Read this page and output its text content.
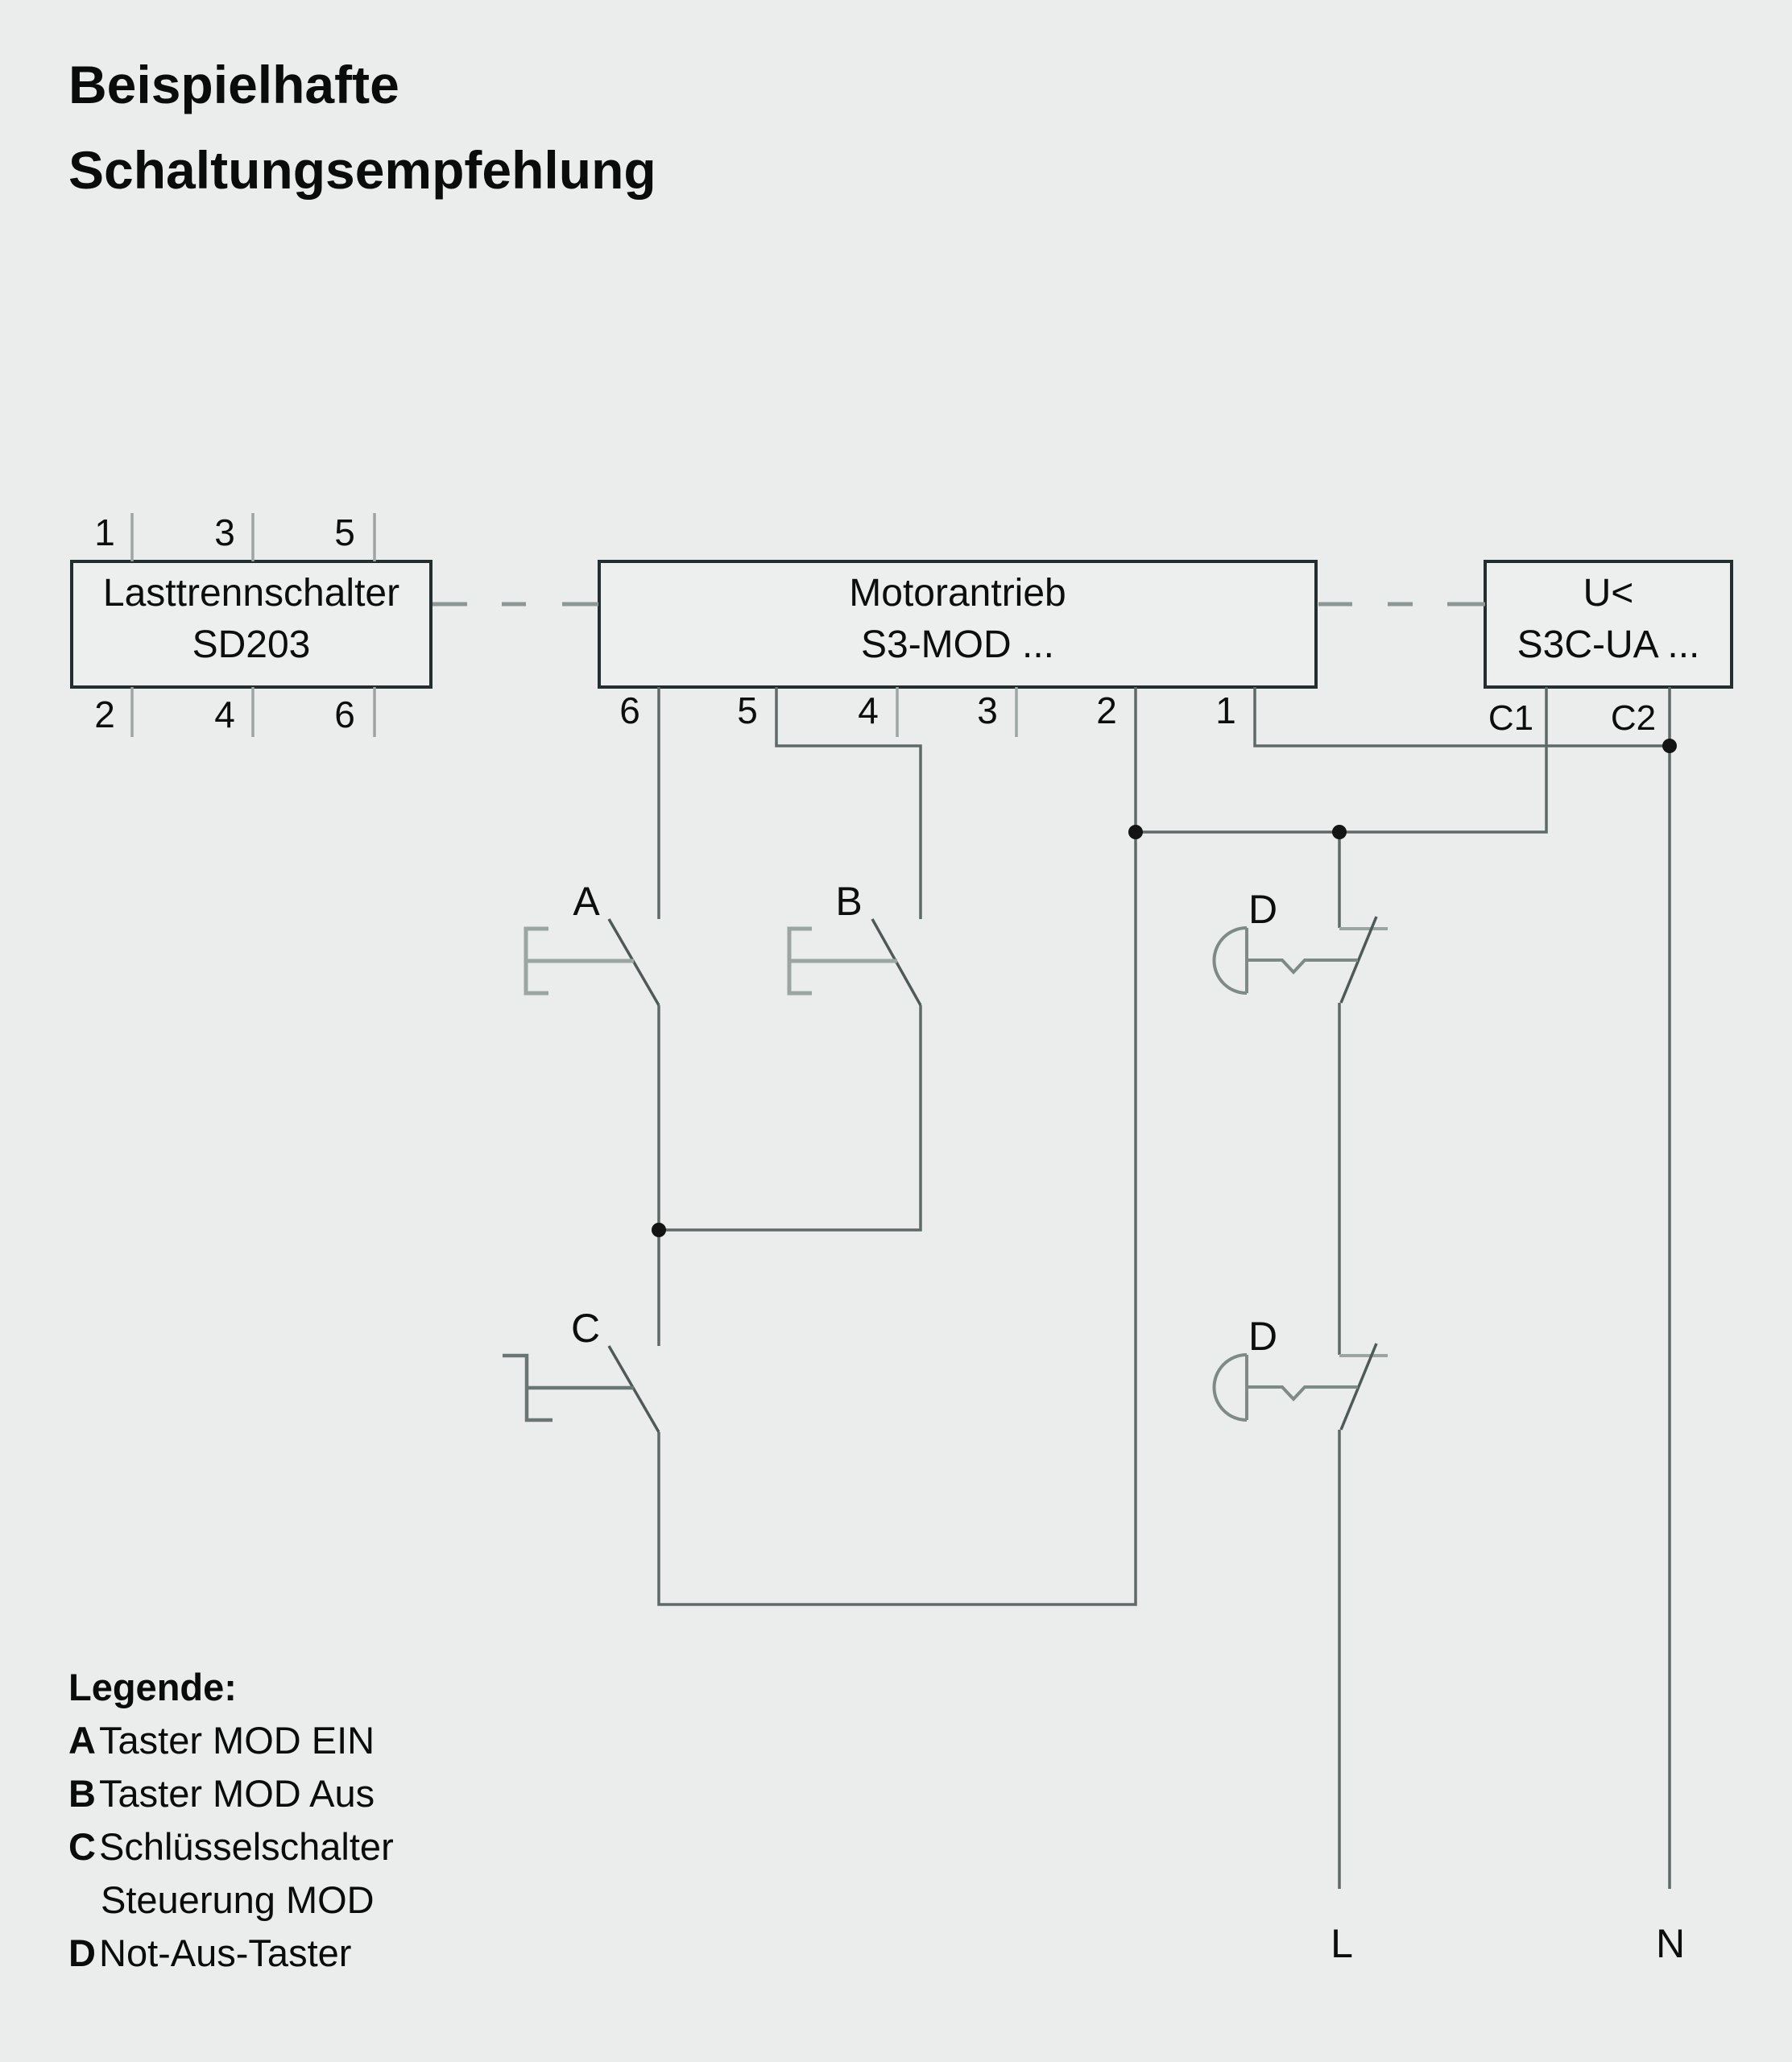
Beispielhafte
Schaltungsempfehlung
Lasttrennschalter
SD203
Motorantrieb
S3-MOD ...
U<
S3C-UA ...
1	3	5
2	4	6	6	5	4	3	2	1	C1 C2
A	B
C
D
D
L	N
Legende:
ATaster MOD EIN
BTaster MOD Aus
CSchlüsselschalter
Steuerung MOD
DNot-Aus-Taster
